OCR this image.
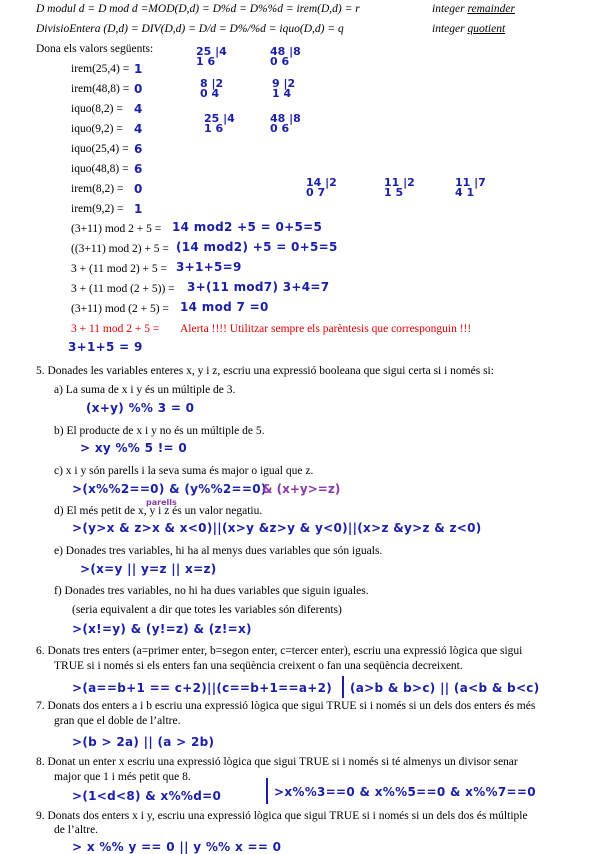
D modul d = D mod d =MOD(D,d) = D%d = D%%d = irem(D,d) = r	integer remainder
DivisioEntera (D,d) = DIV(D,d) = D/d = D%/%d = iquo(D,d) = q	integer quotient
Dona els valors següents:
irem(25,4) = 1
irem(48,8) = 0
iquo(8,2) = 4
iquo(9,2) = 4
iquo(25,4) = 6
iquo(48,8) = 6
irem(8,2) = 0
irem(9,2) = 1
25 |4
1 6
48 |8
0 6
8 |2
0 4
9 |2
1 4
25 |4
1 6
48 |8
0 6
14 |2
0 7
11 |2
1 5
11 |7
4 1
(3+11) mod 2 + 5 = 14 mod2 +5 = 0+5=5
((3+11) mod 2) + 5 = (14 mod2) +5 = 0+5=5
3 + (11 mod 2) + 5 = 3+1+5=9
3 + (11 mod (2 + 5)) = 3+(11 mod7) 3+4=7
(3+11) mod (2 + 5) = 14 mod 7 =0
3 + 11 mod 2 + 5 = Alerta !!!! Utilitzar sempre els parèntesis que corresponguin !!!
3+1+5 = 9
5. Donades les variables enteres x, y i z, escriu una expressió booleana que sigui certa si i només si:
a) La suma de x i y és un múltiple de 3.
(x+y) %% 3 = 0
b) El producte de x i y no és un múltiple de 5.
> xy %% 5 != 0
c) x i y són parells i la seva suma és major o igual que z.
>(x%%2==0) & (y%%2==0)
& (x+y>=z)
parells
d) El més petit de x, y i z és un valor negatiu.
>(y>x & z>x & x<0)||(x>y &z>y & y<0)||(x>z &y>z & z<0)
e) Donades tres variables, hi ha al menys dues variables que són iguals.
>(x=y || y=z || x=z)
f) Donades tres variables, no hi ha dues variables que siguin iguales.
(seria equivalent a dir que totes les variables són diferents)
>(x!=y) & (y!=z) & (z!=x)
6. Donats tres enters (a=primer enter, b=segon enter, c=tercer enter), escriu una expressió lògica que sigui
TRUE si i només si els enters fan una seqüència creixent o fan una seqüència decreixent.
>(a==b+1 == c+2)||(c==b+1==a+2) (a>b & b>c) || (a<b & b<c)
7. Donats dos enters a i b escriu una expressió lògica que sigui TRUE si i només si un dels dos enters és més
gran que el doble de l’altre.
>(b > 2a) || (a > 2b)
8. Donat un enter x escriu una expressió lògica que sigui TRUE si i només si té almenys un divisor senar
major que 1 i més petit que 8.
>(1<d<8) & x%%d=0	>x%%3==0 & x%%5==0 & x%%7==0
9. Donats dos enters x i y, escriu una expressió lògica que sigui TRUE si i només si un dels dos és múltiple
de l’altre.
> x %% y == 0 || y %% x == 0
